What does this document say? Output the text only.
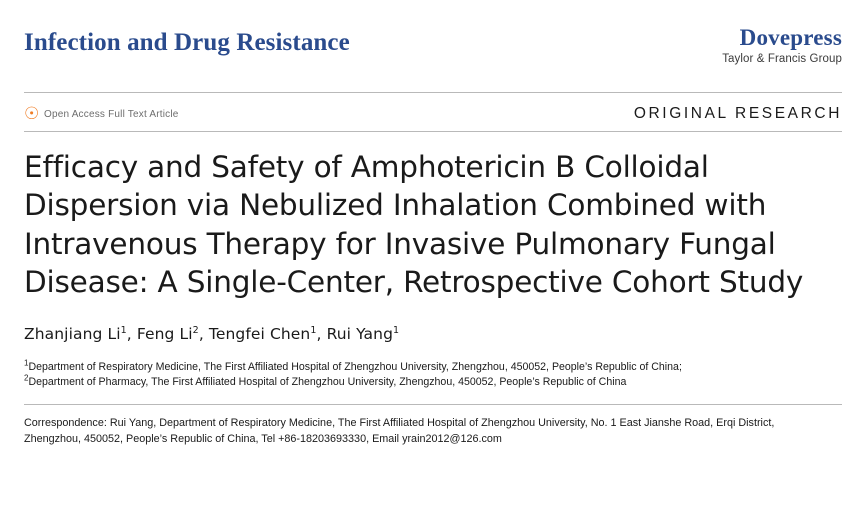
Infection and Drug Resistance	Dovepress
Taylor & Francis Group
☉ Open Access Full Text Article	ORIGINAL RESEARCH
Efficacy and Safety of Amphotericin B Colloidal Dispersion via Nebulized Inhalation Combined with Intravenous Therapy for Invasive Pulmonary Fungal Disease: A Single-Center, Retrospective Cohort Study
Zhanjiang Li$^1$, Feng Li$^2$, Tengfei Chen$^1$, Rui Yang$^1$
$^1$Department of Respiratory Medicine, The First Affiliated Hospital of Zhengzhou University, Zhengzhou, 450052, People’s Republic of China;
$^2$Department of Pharmacy, The First Affiliated Hospital of Zhengzhou University, Zhengzhou, 450052, People’s Republic of China
Correspondence: Rui Yang, Department of Respiratory Medicine, The First Affiliated Hospital of Zhengzhou University, No. 1 East Jianshe Road, Erqi District, Zhengzhou, 450052, People’s Republic of China, Tel +86-18203693330, Email yrain2012@126.com
